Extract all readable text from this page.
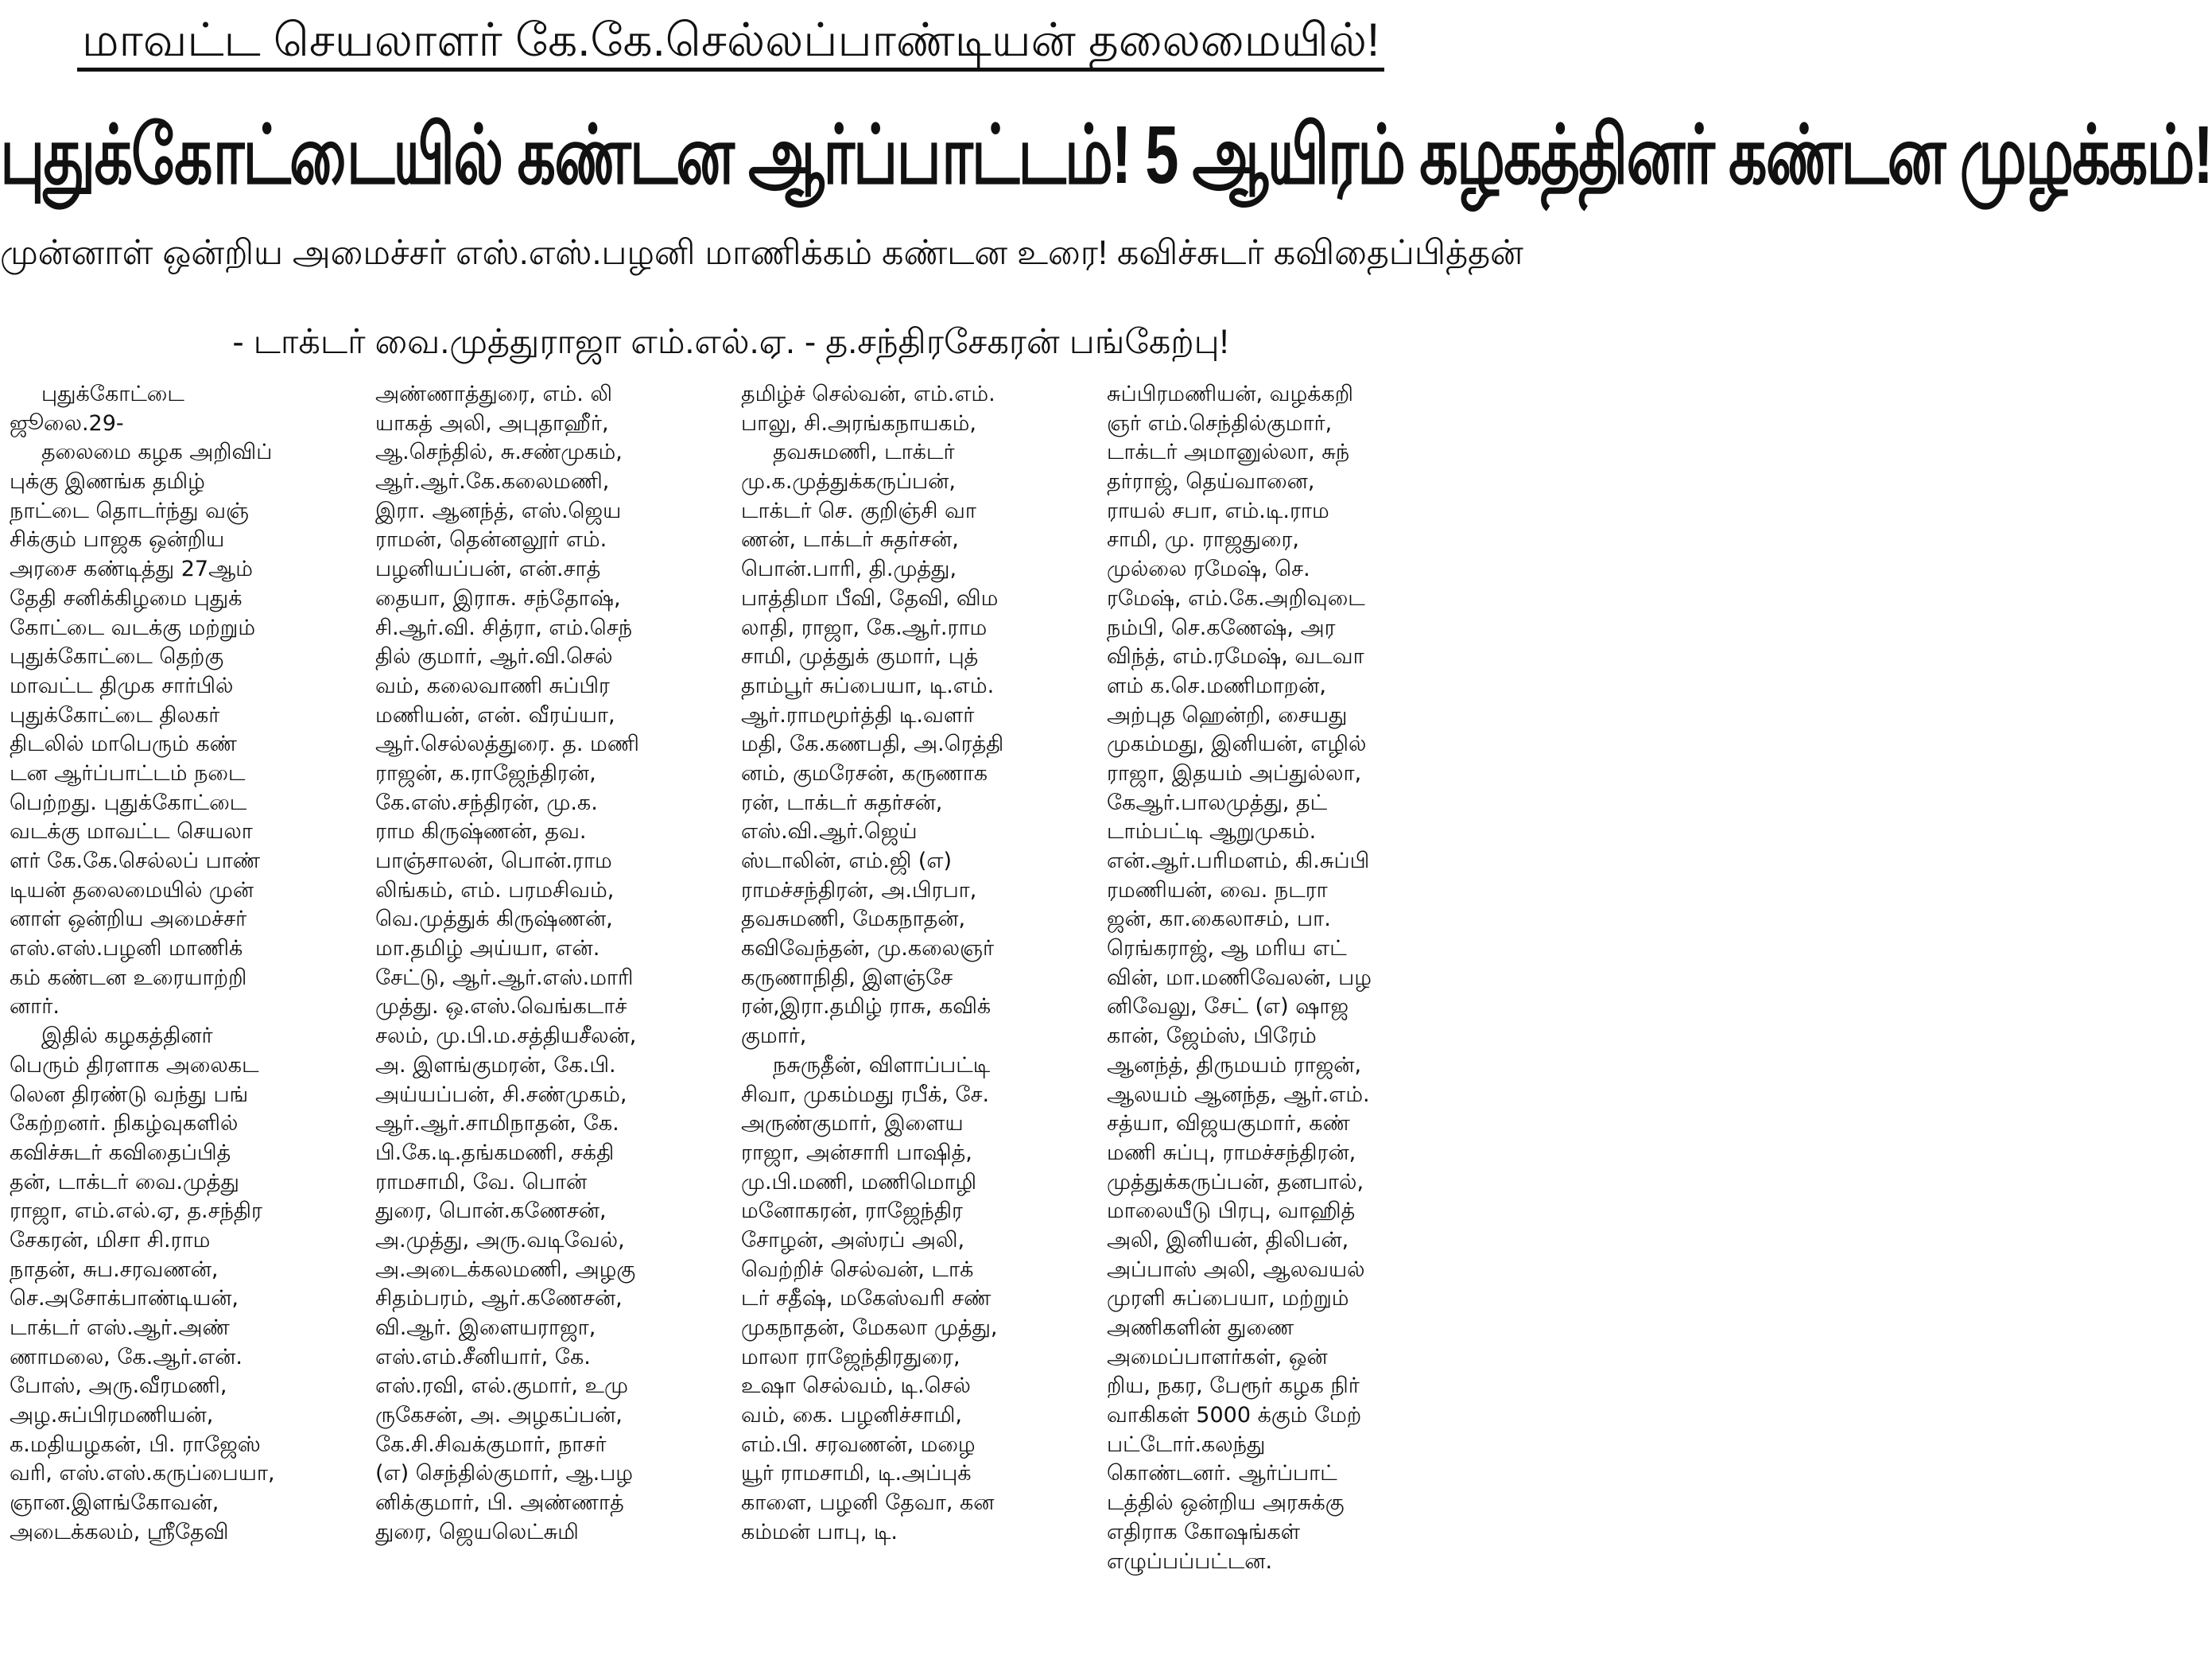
மாவட்ட செயலாளர் கே.கே.செல்லப்பாண்டியன் தலைமையில்!
புதுக்கோட்டையில் கண்டன ஆர்ப்பாட்டம்! 5 ஆயிரம் கழகத்தினர் கண்டன முழக்கம்!
முன்னாள் ஒன்றிய அமைச்சர் எஸ்.எஸ்.பழனி மாணிக்கம் கண்டன உரை! கவிச்சுடர் கவிதைப்பித்தன்
- டாக்டர் வை.முத்துராஜா எம்.எல்.ஏ. - த.சந்திரசேகரன் பங்கேற்பு!
புதுக்கோட்டை
ஜூலை.29-
தலைமை கழக அறிவிப்
புக்கு இணங்க தமிழ்
நாட்டை தொடர்ந்து வஞ்
சிக்கும் பாஜக ஒன்றிய
அரசை கண்டித்து 27ஆம்
தேதி சனிக்கிழமை புதுக்
கோட்டை வடக்கு மற்றும்
புதுக்கோட்டை தெற்கு
மாவட்ட திமுக சார்பில்
புதுக்கோட்டை திலகர்
திடலில் மாபெரும் கண்
டன ஆர்ப்பாட்டம் நடை
பெற்றது. புதுக்கோட்டை
வடக்கு மாவட்ட செயலா
ளர் கே.கே.செல்லப் பாண்
டியன் தலைமையில் முன்
னாள் ஒன்றிய அமைச்சர்
எஸ்.எஸ்.பழனி மாணிக்
கம் கண்டன உரையாற்றி
னார்.
இதில் கழகத்தினர்
பெரும் திரளாக அலைகட
லென திரண்டு வந்து பங்
கேற்றனர். நிகழ்வுகளில்
கவிச்சுடர் கவிதைப்பித்
தன், டாக்டர் வை.முத்து
ராஜா, எம்.எல்.ஏ, த.சந்திர
சேகரன், மிசா சி.ராம
நாதன், சுப.சரவணன்,
செ.அசோக்பாண்டியன்,
டாக்டர் எஸ்.ஆர்.அண்
ணாமலை, கே.ஆர்.என்.
போஸ், அரு.வீரமணி,
அழ.சுப்பிரமணியன்,
க.மதியழகன், பி. ராஜேஸ்
வரி, எஸ்.எஸ்.கருப்பையா,
ஞான.இளங்கோவன்,
அடைக்கலம், ஸ்ரீதேவி
அண்ணாத்துரை, எம். லி
யாகத் அலி, அபுதாஹீர்,
ஆ.செந்தில், சு.சண்முகம்,
ஆர்.ஆர்.கே.கலைமணி,
இரா. ஆனந்த், எஸ்.ஜெய
ராமன், தென்னலூர் எம்.
பழனியப்பன், என்.சாத்
தையா, இராசு. சந்தோஷ்,
சி.ஆர்.வி. சித்ரா, எம்.செந்
தில் குமார், ஆர்.வி.செல்
வம், கலைவாணி சுப்பிர
மணியன், என். வீரய்யா,
ஆர்.செல்லத்துரை. த. மணி
ராஜன், க.ராஜேந்திரன்,
கே.எஸ்.சந்திரன், மு.க.
ராம கிருஷ்ணன், தவ.
பாஞ்சாலன், பொன்.ராம
லிங்கம், எம். பரமசிவம்,
வெ.முத்துக் கிருஷ்ணன்,
மா.தமிழ் அய்யா, என்.
சேட்டு, ஆர்.ஆர்.எஸ்.மாரி
முத்து. ஒ.எஸ்.வெங்கடாச்
சலம், மு.பி.ம.சத்தியசீலன்,
அ. இளங்குமரன், கே.பி.
அய்யப்பன், சி.சண்முகம்,
ஆர்.ஆர்.சாமிநாதன், கே.
பி.கே.டி.தங்கமணி, சக்தி
ராமசாமி, வே. பொன்
துரை, பொன்.கணேசன்,
அ.முத்து, அரு.வடிவேல்,
அ.அடைக்கலமணி, அழகு
சிதம்பரம், ஆர்.கணேசன்,
வி.ஆர். இளையராஜா,
எஸ்.எம்.சீனியார், கே.
எஸ்.ரவி, எல்.குமார், உமு
ருகேசன், அ. அழகப்பன்,
கே.சி.சிவக்குமார், நாசர்
(எ) செந்தில்குமார், ஆ.பழ
னிக்குமார், பி. அண்ணாத்
துரை, ஜெயலெட்சுமி
தமிழ்ச் செல்வன், எம்.எம்.
பாலு, சி.அரங்கநாயகம்,
தவசுமணி, டாக்டர்
மு.க.முத்துக்கருப்பன்,
டாக்டர் செ. குறிஞ்சி வா
ணன், டாக்டர் சுதர்சன்,
பொன்.பாரி, தி.முத்து,
பாத்திமா பீவி, தேவி, விம
லாதி, ராஜா, கே.ஆர்.ராம
சாமி, முத்துக் குமார், புத்
தாம்பூர் சுப்பையா, டி.எம்.
ஆர்.ராமமூர்த்தி டி.வளர்
மதி, கே.கணபதி, அ.ரெத்தி
னம், குமரேசன், கருணாக
ரன், டாக்டர் சுதர்சன்,
எஸ்.வி.ஆர்.ஜெய்
ஸ்டாலின், எம்.ஜி (எ)
ராமச்சந்திரன், அ.பிரபா,
தவசுமணி, மேகநாதன்,
கவிவேந்தன், மு.கலைஞர்
கருணாநிதி, இளஞ்சே
ரன்,இரா.தமிழ் ராசு, கவிக்
குமார்,
நசுருதீன், விளாப்பட்டி
சிவா, முகம்மது ரபீக், சே.
அருண்குமார், இளைய
ராஜா, அன்சாரி பாஷித்,
மு.பி.மணி, மணிமொழி
மனோகரன், ராஜேந்திர
சோழன், அஸ்ரப் அலி,
வெற்றிச் செல்வன், டாக்
டர் சதீஷ், மகேஸ்வரி சண்
முகநாதன், மேகலா முத்து,
மாலா ராஜேந்திரதுரை,
உஷா செல்வம், டி.செல்
வம், கை. பழனிச்சாமி,
எம்.பி. சரவணன், மழை
யூர் ராமசாமி, டி.அப்புக்
காளை, பழனி தேவா, கன
கம்மன் பாபு, டி.
சுப்பிரமணியன், வழக்கறி
ஞர் எம்.செந்தில்குமார்,
டாக்டர் அமானுல்லா, சுந்
தர்ராஜ், தெய்வானை,
ராயல் சபா, எம்.டி.ராம
சாமி, மு. ராஜதுரை,
முல்லை ரமேஷ், செ.
ரமேஷ், எம்.கே.அறிவுடை
நம்பி, செ.கணேஷ், அர
விந்த், எம்.ரமேஷ், வடவா
ளம் க.செ.மணிமாறன்,
அற்புத ஹென்றி, சையது
முகம்மது, இனியன், எழில்
ராஜா, இதயம் அப்துல்லா,
கேஆர்.பாலமுத்து, தட்
டாம்பட்டி ஆறுமுகம்.
என்.ஆர்.பரிமளம், கி.சுப்பி
ரமணியன், வை. நடரா
ஜன், கா.கைலாசம், பா.
ரெங்கராஜ், ஆ மரிய எட்
வின், மா.மணிவேலன், பழ
னிவேலு, சேட் (எ) ஷாஜ
கான், ஜேம்ஸ், பிரேம்
ஆனந்த், திருமயம் ராஜன்,
ஆலயம் ஆனந்த, ஆர்.எம்.
சத்யா, விஜயகுமார், கண்
மணி சுப்பு, ராமச்சந்திரன்,
முத்துக்கருப்பன், தனபால்,
மாலையீடு பிரபு, வாஹித்
அலி, இனியன், திலிபன்,
அப்பாஸ் அலி, ஆலவயல்
முரளி சுப்பையா, மற்றும்
அணிகளின் துணை
அமைப்பாளர்கள், ஒன்
றிய, நகர, பேரூர் கழக நிர்
வாகிகள் 5000 க்கும் மேற்
பட்டோர்.கலந்து
கொண்டனர். ஆர்ப்பாட்
டத்தில் ஒன்றிய அரசுக்கு
எதிராக கோஷங்கள்
எழுப்பப்பட்டன.
